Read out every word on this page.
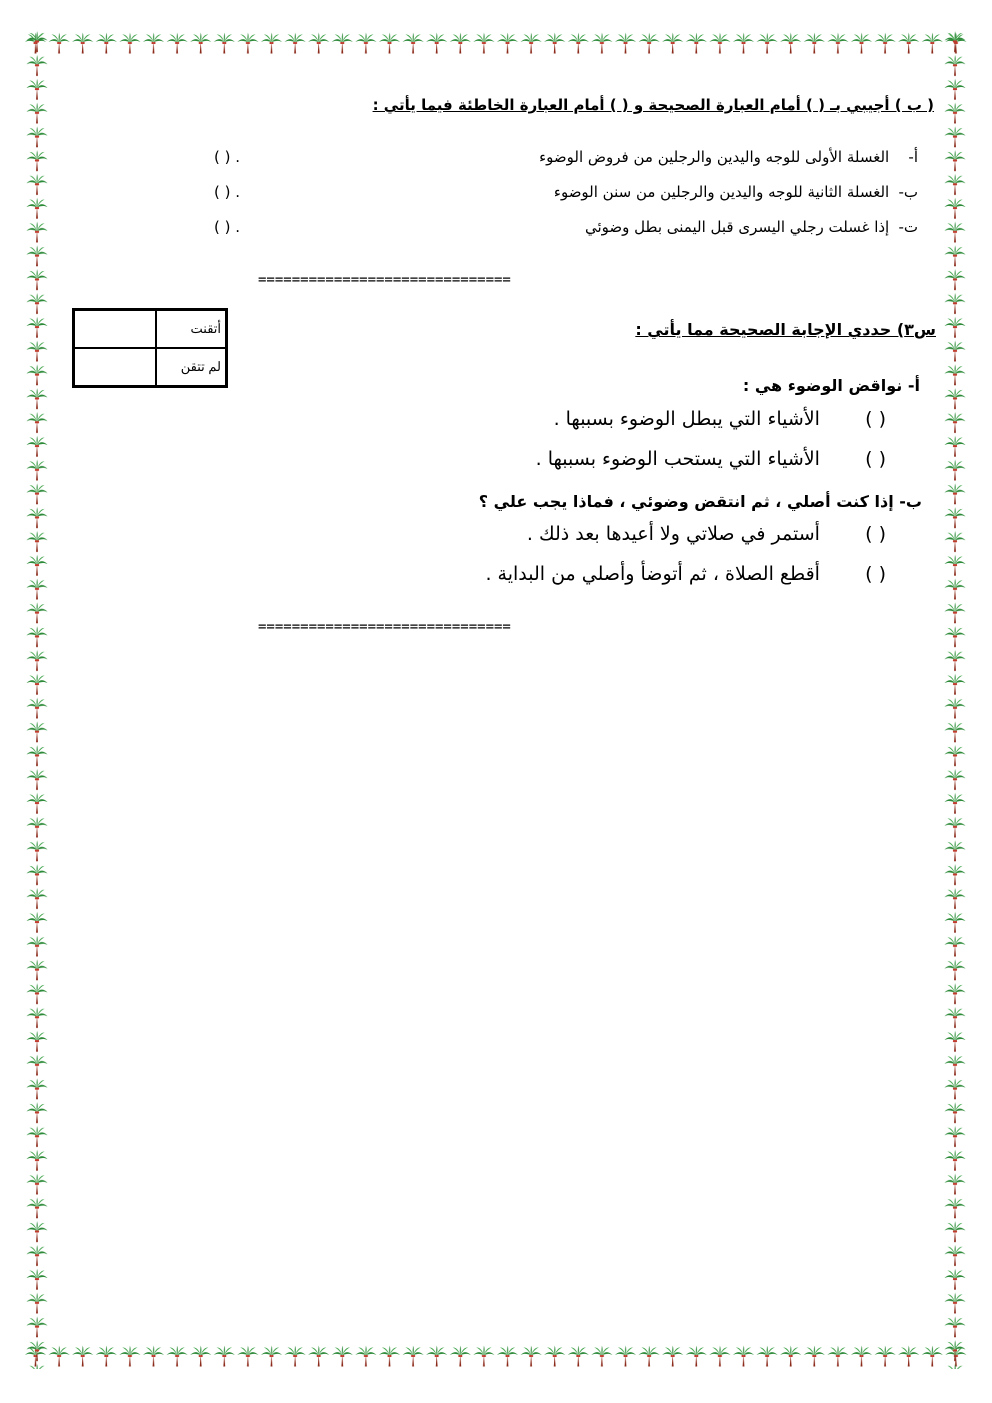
( ب ) أجيبي بـ ( ) أمام العبارة الصحيحة و ( ) أمام العبارة الخاطئة فيما يأتي :
أ- الغسلة الأولى للوجه واليدين والرجلين من فروض الوضوء
( ) .
ب- الغسلة الثانية للوجه واليدين والرجلين من سنن الوضوء
( ) .
ت- إذا غسلت رجلي اليسرى قبل اليمنى بطل وضوئي
( ) .
==============================
أتقنت	
لم تتقن	
س٣) حددي الإجابة الصحيحة مما يأتي :
أ- نواقض الوضوء هي :
( ) الأشياء التي يبطل الوضوء بسببها .
( ) الأشياء التي يستحب الوضوء بسببها .
ب- إذا كنت أصلي ، ثم انتقض وضوئي ، فماذا يجب علي ؟
( ) أستمر في صلاتي ولا أعيدها بعد ذلك .
( ) أقطع الصلاة ، ثم أتوضأ وأصلي من البداية .
==============================
